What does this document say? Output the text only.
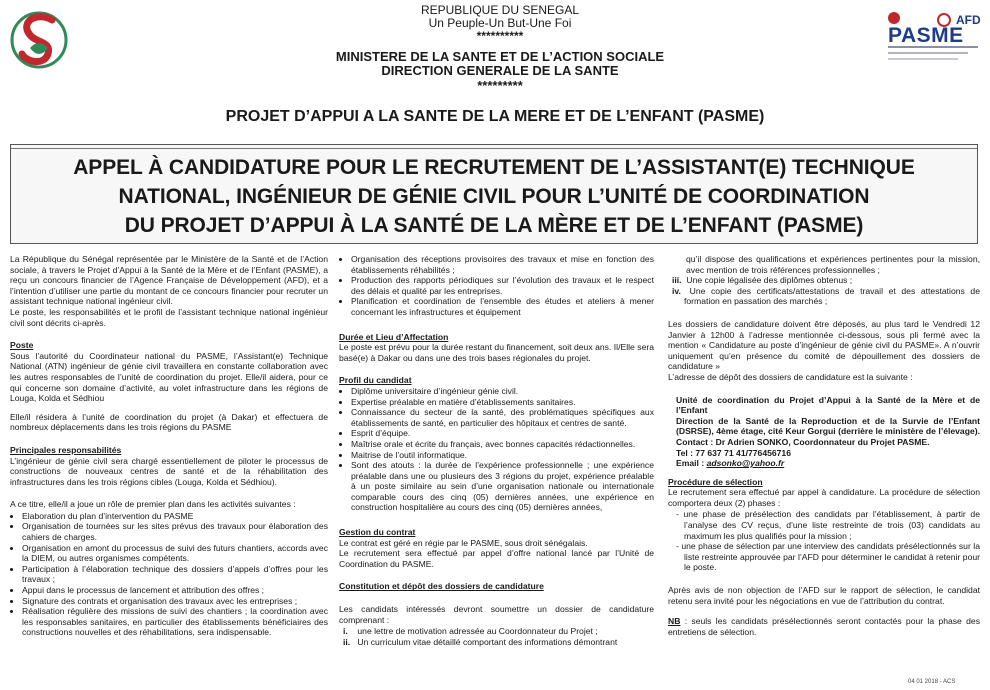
AFD
PASME
REPUBLIQUE DU SENEGAL
Un Peuple-Un But-Une Foi
**********
MINISTERE DE LA SANTE ET DE L’ACTION SOCIALE
DIRECTION GENERALE DE LA SANTE
*********
PROJET D’APPUI A LA SANTE DE LA MERE ET DE L’ENFANT (PASME)
APPEL À CANDIDATURE POUR LE RECRUTEMENT DE L’ASSISTANT(E) TECHNIQUE
NATIONAL, INGÉNIEUR DE GÉNIE CIVIL POUR L’UNITÉ DE COORDINATION
DU PROJET D’APPUI À LA SANTÉ DE LA MÈRE ET DE L’ENFANT (PASME)

La République du Sénégal représentée par le Ministère de la Santé et de l’Action sociale, à travers le Projet d’Appui à la Santé de la Mère et de l’Enfant (PASME), a reçu un concours financier de l’Agence Française de Développement (AFD), et a l’intention d’utiliser une partie du montant de ce concours financier pour recruter un assistant technique national ingénieur civil.

Le poste, les responsabilités et le profil de l’assistant technique national ingénieur civil sont décrits ci-après.

Poste

Sous l’autorité du Coordinateur national du PASME, l’Assistant(e) Technique National (ATN) ingénieur de génie civil travaillera en constante collaboration avec les autres responsables de l’unité de coordination du projet. Elle/il aidera, pour ce qui concerne son domaine d’activité, au volet infrastructure dans les régions de Louga, Kolda et Sédhiou

Elle/il résidera à l’unité de coordination du projet (à Dakar) et effectuera de nombreux déplacements dans les trois régions du PASME

Principales responsabilités

L’ingénieur de génie civil sera chargé essentiellement de piloter le processus de constructions de nouveaux centres de santé et de la réhabilitation des infrastructures dans les trois régions cibles (Louga, Kolda et Sédhiou).

A ce titre, elle/il a joue un rôle de premier plan dans les activités suivantes :

• Elaboration du plan d’intervention du PASME
• Organisation de tournées sur les sites prévus des travaux pour élaboration des cahiers de charges.
• Organisation en amont du processus de suivi des futurs chantiers, accords avec la DIEM, ou autres organismes compétents.
• Participation à l’élaboration technique des dossiers d’appels d’offres pour les travaux ;
• Appui dans le processus de lancement et attribution des offres ;
• Signature des contrats et organisation des travaux avec les entreprises ;
• Réalisation régulière des missions de suivi des chantiers ; la coordination avec les responsables sanitaires, en particulier des établissements bénéficiaires des constructions nouvelles et des réhabilitations, sera indispensable.
• Organisation des réceptions provisoires des travaux et mise en fonction des établissements réhabilités ;
• Production des rapports périodiques sur l’évolution des travaux et le respect des délais et qualité par les entreprises.
• Planification et coordination de l’ensemble des études et ateliers à mener concernant les infrastructures et équipement
Durée et Lieu d’Affectation

Le poste est prévu pour la durée restant du financement, soit deux ans. Il/Elle sera basé(e) à Dakar ou dans une des trois bases régionales du projet.

Profil du candidat
• Diplôme universitaire d’ingénieur génie civil.
• Expertise préalable en matière d’établissements sanitaires.
• Connaissance du secteur de la santé, des problématiques spécifiques aux établissements de santé, en particulier des hôpitaux et centres de santé.
• Esprit d’équipe.
• Maîtrise orale et écrite du français, avec bonnes capacités rédactionnelles.
• Maitrise de l’outil informatique.
• Sont des atouts : la durée de l’expérience professionnelle ; une expérience préalable dans une ou plusieurs des 3 régions du projet, expérience préalable à un poste similaire au sein d’une organisation nationale ou internationale comparable cours des cinq (05) dernières années, une expérience en construction hospitalière au cours des cinq (05) dernières années,
Gestion du contrat

Le contrat est géré en régie par le PASME, sous droit sénégalais.

Le recrutement sera effectué par appel d’offre national lancé par l’Unité de Coordination du PASME.

Constitution et dépôt des dossiers de candidature

Les candidats intéressés devront soumettre un dossier de candidature comprenant :

i. une lettre de motivation adressée au Coordonnateur du Projet ;
ii. Un curriculum vitae détaillé comportant des informations démontrant

qu’il dispose des qualifications et expériences pertinentes pour la mission, avec mention de trois références professionnelles ;

iii. Une copie légalisée des diplômes obtenus ;
iv. Une copie des certificats/attestations de travail et des attestations de formation en passation des marchés ;

Les dossiers de candidature doivent être déposés, au plus tard le Vendredi 12 Janvier à 12h00 à l’adresse mentionnée ci-dessous, sous pli fermé avec la mention « Candidature au poste d’ingénieur de génie civil du PASME». A n’ouvrir uniquement qu’en présence du comité de dépouillement des dossiers de candidature »

L’adresse de dépôt des dossiers de candidature est la suivante :

Unité de coordination du Projet d’Appui à la Santé de la Mère et de l’Enfant
Direction de la Santé de la Reproduction et de la Survie de l’Enfant (DSRSE), 4ème étage, cité Keur Gorgui (derrière le ministère de l’élevage). Contact : Dr Adrien SONKO, Coordonnateur du Projet PASME.
Tel : 77 637 71 41/776456716
Email : adsonko@yahoo.fr
Procédure de sélection

Le recrutement sera effectué par appel à candidature. La procédure de sélection comportera deux (2) phases :

- une phase de présélection des candidats par l’établissement, à partir de l’analyse des CV reçus, d’une liste restreinte de trois (03) candidats au maximum les plus qualifiés pour la mission ;
- une phase de sélection par une interview des candidats présélectionnés sur la liste restreinte approuvée par l’AFD pour déterminer le candidat à retenir pour le poste.

Après avis de non objection de l’AFD sur le rapport de sélection, le candidat retenu sera invité pour les négociations en vue de l’attribution du contrat.

NB : seuls les candidats présélectionnés seront contactés pour la phase des entretiens de sélection.

04 01 2018 - ACS
